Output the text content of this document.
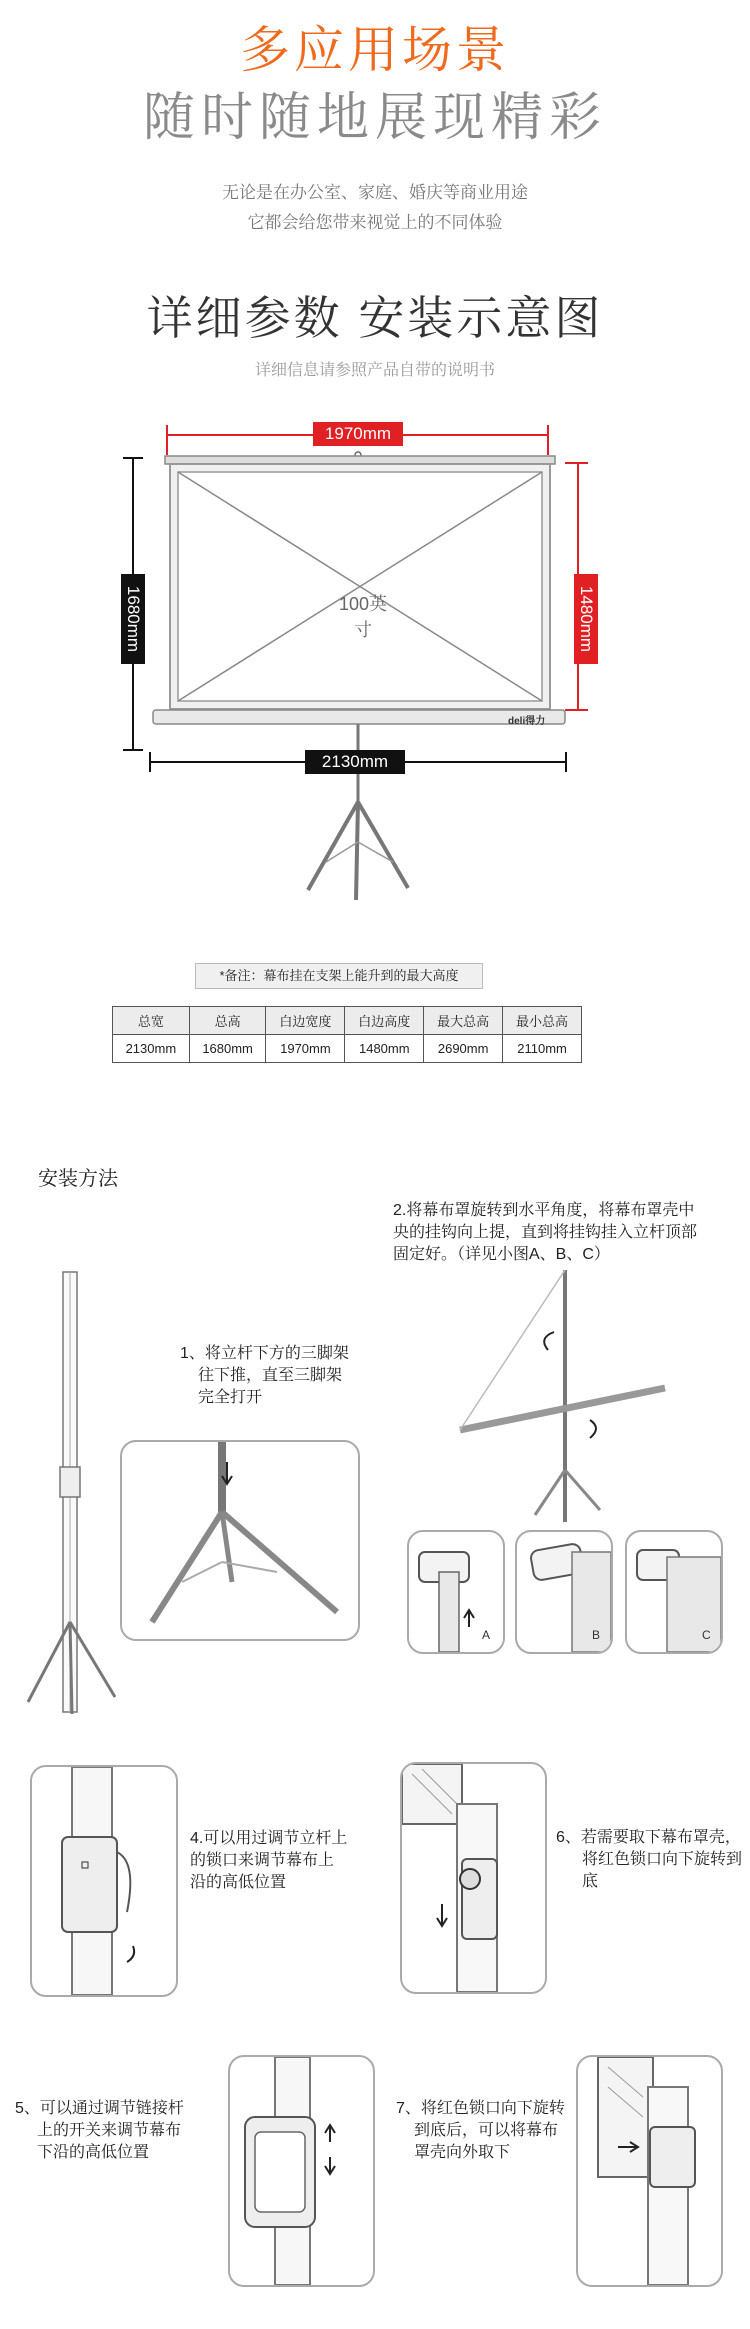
多应用场景
随时随地展现精彩
无论是在办公室、家庭、婚庆等商业用途
它都会给您带来视觉上的不同体验
详细参数 安装示意图
详细信息请参照产品自带的说明书
1970mm
100英寸
deli得力
2130mm
1680mm	1480mm
*备注：幕布挂在支架上能升到的最大高度
总宽	总高	白边宽度	白边高度	最大总高	最小总高
2130mm	1680mm	1970mm	1480mm	2690mm	2110mm
安装方法
1、将立杆下方的三脚架
往下推，直至三脚架
完全打开
2.将幕布罩旋转到水平角度，将幕布罩壳中
央的挂钩向上提，直到将挂钩挂入立杆顶部
固定好。（详见小图A、B、C）
A	B	C
4.可以用过调节立杆上
的锁口来调节幕布上
沿的高低位置
6、若需要取下幕布罩壳，
将红色锁口向下旋转到
底
5、可以通过调节链接杆
上的开关来调节幕布
下沿的高低位置
7、将红色锁口向下旋转
到底后，可以将幕布
罩壳向外取下
